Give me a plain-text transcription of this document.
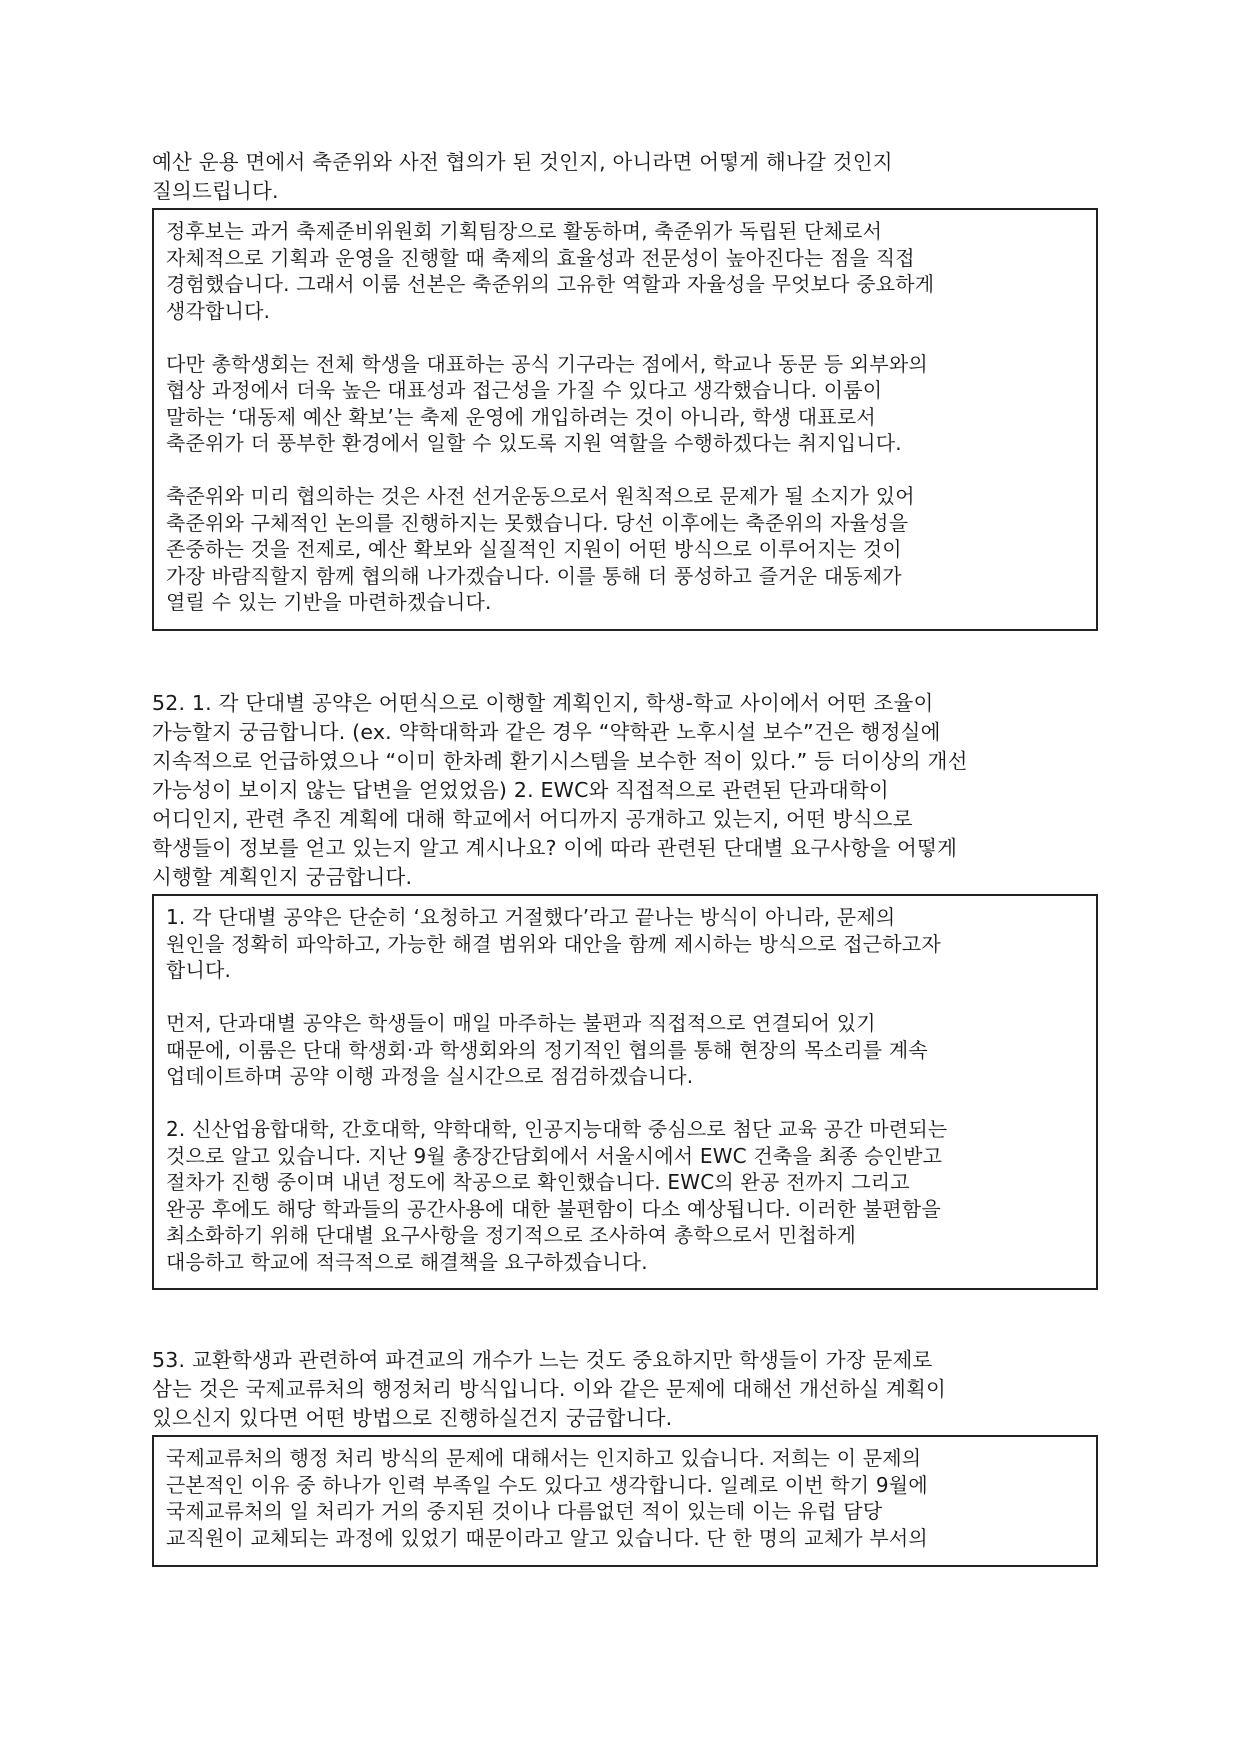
예산 운용 면에서 축준위와 사전 협의가 된 것인지, 아니라면 어떻게 해나갈 것인지
질의드립니다.
정후보는 과거 축제준비위원회 기획팀장으로 활동하며, 축준위가 독립된 단체로서
자체적으로 기획과 운영을 진행할 때 축제의 효율성과 전문성이 높아진다는 점을 직접
경험했습니다. 그래서 이룸 선본은 축준위의 고유한 역할과 자율성을 무엇보다 중요하게
생각합니다.
다만 총학생회는 전체 학생을 대표하는 공식 기구라는 점에서, 학교나 동문 등 외부와의
협상 과정에서 더욱 높은 대표성과 접근성을 가질 수 있다고 생각했습니다. 이룸이
말하는 ‘대동제 예산 확보’는 축제 운영에 개입하려는 것이 아니라, 학생 대표로서
축준위가 더 풍부한 환경에서 일할 수 있도록 지원 역할을 수행하겠다는 취지입니다.
축준위와 미리 협의하는 것은 사전 선거운동으로서 원칙적으로 문제가 될 소지가 있어
축준위와 구체적인 논의를 진행하지는 못했습니다. 당선 이후에는 축준위의 자율성을
존중하는 것을 전제로, 예산 확보와 실질적인 지원이 어떤 방식으로 이루어지는 것이
가장 바람직할지 함께 협의해 나가겠습니다. 이를 통해 더 풍성하고 즐거운 대동제가
열릴 수 있는 기반을 마련하겠습니다.
52. 1. 각 단대별 공약은 어떤식으로 이행할 계획인지, 학생-학교 사이에서 어떤 조율이
가능할지 궁금합니다. (ex. 약학대학과 같은 경우 “약학관 노후시설 보수”건은 행정실에
지속적으로 언급하였으나 “이미 한차례 환기시스템을 보수한 적이 있다.” 등 더이상의 개선
가능성이 보이지 않는 답변을 얻었었음) 2. EWC와 직접적으로 관련된 단과대학이
어디인지, 관련 추진 계획에 대해 학교에서 어디까지 공개하고 있는지, 어떤 방식으로
학생들이 정보를 얻고 있는지 알고 계시나요? 이에 따라 관련된 단대별 요구사항을 어떻게
시행할 계획인지 궁금합니다.
1. 각 단대별 공약은 단순히 ‘요청하고 거절했다’라고 끝나는 방식이 아니라, 문제의
원인을 정확히 파악하고, 가능한 해결 범위와 대안을 함께 제시하는 방식으로 접근하고자
합니다.
먼저, 단과대별 공약은 학생들이 매일 마주하는 불편과 직접적으로 연결되어 있기
때문에, 이룸은 단대 학생회·과 학생회와의 정기적인 협의를 통해 현장의 목소리를 계속
업데이트하며 공약 이행 과정을 실시간으로 점검하겠습니다.
2. 신산업융합대학, 간호대학, 약학대학, 인공지능대학 중심으로 첨단 교육 공간 마련되는
것으로 알고 있습니다. 지난 9월 총장간담회에서 서울시에서 EWC 건축을 최종 승인받고
절차가 진행 중이며 내년 정도에 착공으로 확인했습니다. EWC의 완공 전까지 그리고
완공 후에도 해당 학과들의 공간사용에 대한 불편함이 다소 예상됩니다. 이러한 불편함을
최소화하기 위해 단대별 요구사항을 정기적으로 조사하여 총학으로서 민첩하게
대응하고 학교에 적극적으로 해결책을 요구하겠습니다.
53. 교환학생과 관련하여 파견교의 개수가 느는 것도 중요하지만 학생들이 가장 문제로
삼는 것은 국제교류처의 행정처리 방식입니다. 이와 같은 문제에 대해선 개선하실 계획이
있으신지 있다면 어떤 방법으로 진행하실건지 궁금합니다.
국제교류처의 행정 처리 방식의 문제에 대해서는 인지하고 있습니다. 저희는 이 문제의
근본적인 이유 중 하나가 인력 부족일 수도 있다고 생각합니다. 일례로 이번 학기 9월에
국제교류처의 일 처리가 거의 중지된 것이나 다름없던 적이 있는데 이는 유럽 담당
교직원이 교체되는 과정에 있었기 때문이라고 알고 있습니다. 단 한 명의 교체가 부서의
